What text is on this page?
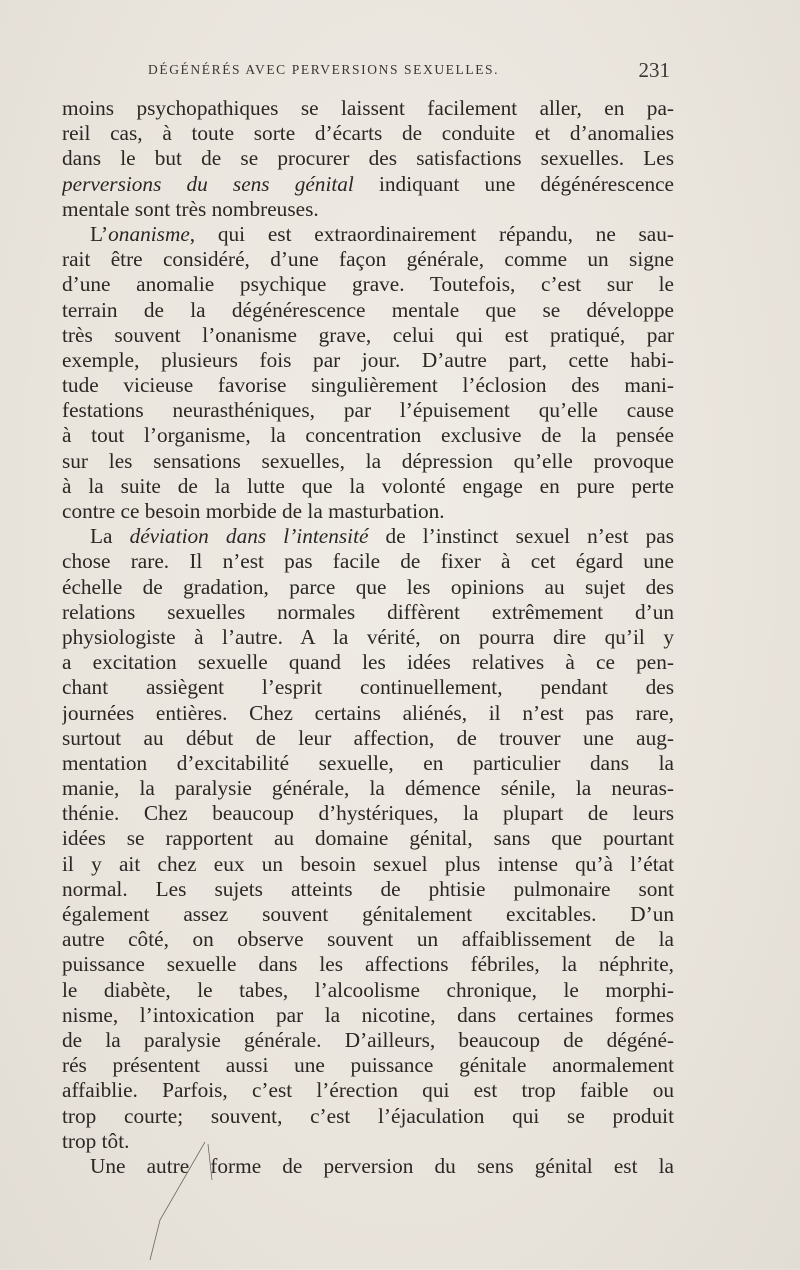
DÉGÉNÉRÉS AVEC PERVERSIONS SEXUELLES.	231
moins psychopathiques se laissent facilement aller, en pa-
reil cas, à toute sorte d’écarts de conduite et d’anomalies
dans le but de se procurer des satisfactions sexuelles. Les
perversions du sens génital indiquant une dégénérescence
mentale sont très nombreuses.
L’onanisme, qui est extraordinairement répandu, ne sau-
rait être considéré, d’une façon générale, comme un signe
d’une anomalie psychique grave. Toutefois, c’est sur le
terrain de la dégénérescence mentale que se développe
très souvent l’onanisme grave, celui qui est pratiqué, par
exemple, plusieurs fois par jour. D’autre part, cette habi-
tude vicieuse favorise singulièrement l’éclosion des mani-
festations neurasthéniques, par l’épuisement qu’elle cause
à tout l’organisme, la concentration exclusive de la pensée
sur les sensations sexuelles, la dépression qu’elle provoque
à la suite de la lutte que la volonté engage en pure perte
contre ce besoin morbide de la masturbation.
La déviation dans l’intensité de l’instinct sexuel n’est pas
chose rare. Il n’est pas facile de fixer à cet égard une
échelle de gradation, parce que les opinions au sujet des
relations sexuelles normales diffèrent extrêmement d’un
physiologiste à l’autre. A la vérité, on pourra dire qu’il y
a excitation sexuelle quand les idées relatives à ce pen-
chant assiègent l’esprit continuellement, pendant des
journées entières. Chez certains aliénés, il n’est pas rare,
surtout au début de leur affection, de trouver une aug-
mentation d’excitabilité sexuelle, en particulier dans la
manie, la paralysie générale, la démence sénile, la neuras-
thénie. Chez beaucoup d’hystériques, la plupart de leurs
idées se rapportent au domaine génital, sans que pourtant
il y ait chez eux un besoin sexuel plus intense qu’à l’état
normal. Les sujets atteints de phtisie pulmonaire sont
également assez souvent génitalement excitables. D’un
autre côté, on observe souvent un affaiblissement de la
puissance sexuelle dans les affections fébriles, la néphrite,
le diabète, le tabes, l’alcoolisme chronique, le morphi-
nisme, l’intoxication par la nicotine, dans certaines formes
de la paralysie générale. D’ailleurs, beaucoup de dégéné-
rés présentent aussi une puissance génitale anormalement
affaiblie. Parfois, c’est l’érection qui est trop faible ou
trop courte; souvent, c’est l’éjaculation qui se produit
trop tôt.
Une autre forme de perversion du sens génital est la
